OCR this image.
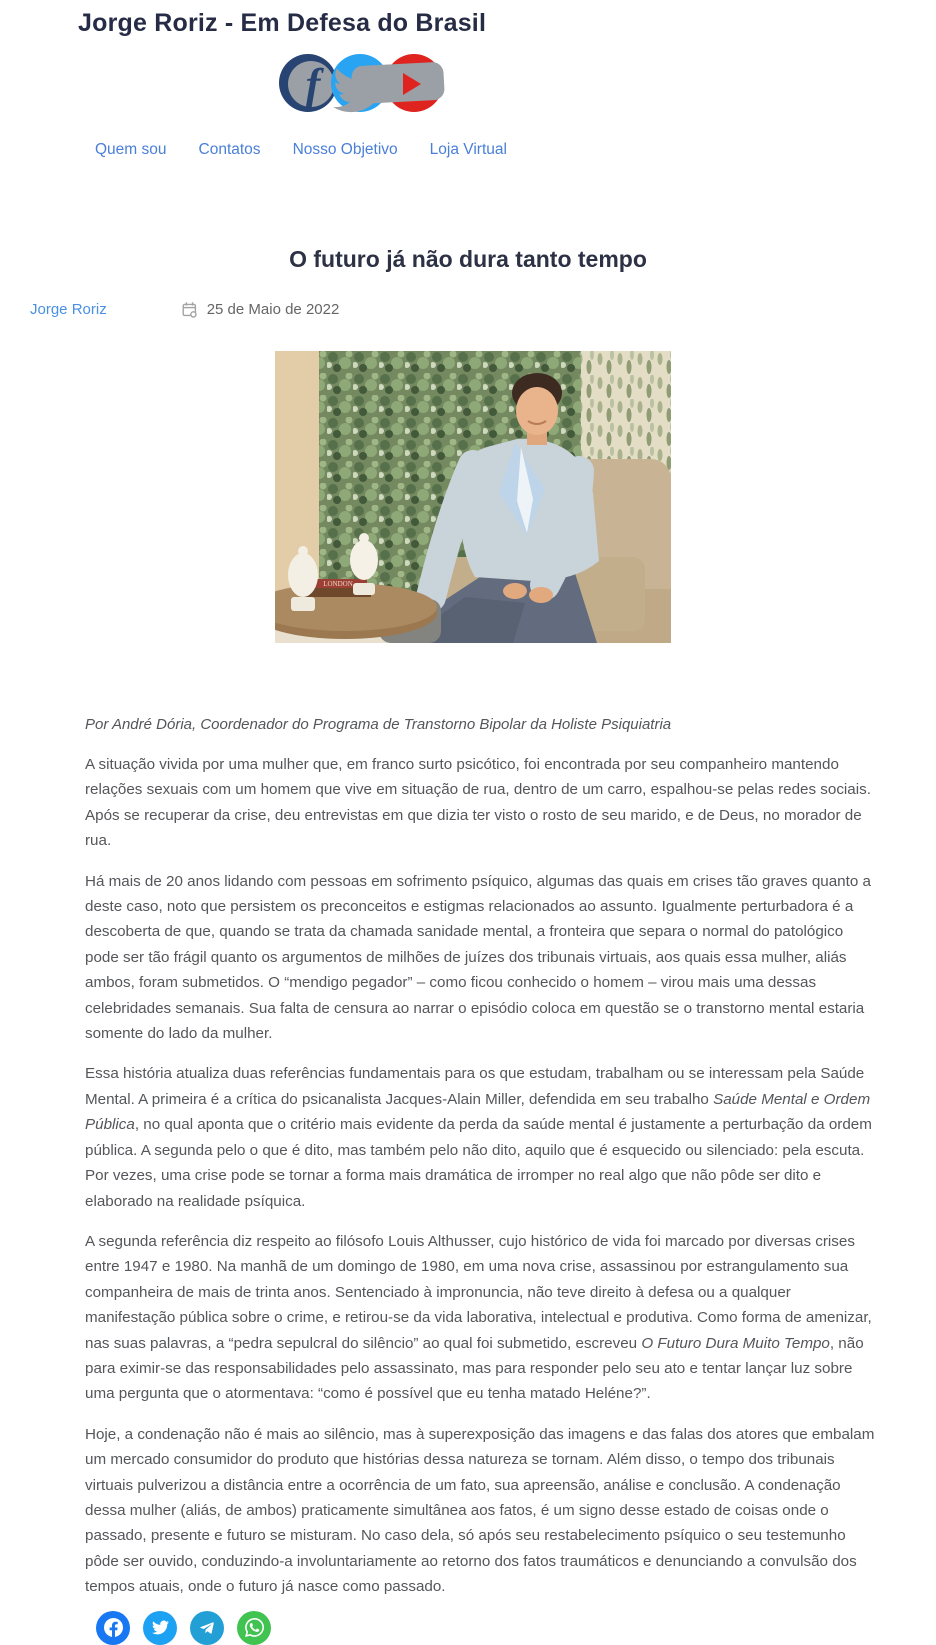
Jorge Roriz - Em Defesa do Brasil
f
Quem sou Contatos Nosso Objetivo Loja Virtual
O futuro já não dura tanto tempo
Jorge Roriz	25 de Maio de 2022
LONDON

Por André Dória, Coordenador do Programa de Transtorno Bipolar da Holiste Psiquiatria

A situação vivida por uma mulher que, em franco surto psicótico, foi encontrada por seu companheiro mantendo relações sexuais com um homem que vive em situação de rua, dentro de um carro, espalhou-se pelas redes sociais. Após se recuperar da crise, deu entrevistas em que dizia ter visto o rosto de seu marido, e de Deus, no morador de rua.

Há mais de 20 anos lidando com pessoas em sofrimento psíquico, algumas das quais em crises tão graves quanto a deste caso, noto que persistem os preconceitos e estigmas relacionados ao assunto. Igualmente perturbadora é a descoberta de que, quando se trata da chamada sanidade mental, a fronteira que separa o normal do patológico pode ser tão frágil quanto os argumentos de milhões de juízes dos tribunais virtuais, aos quais essa mulher, aliás ambos, foram submetidos. O “mendigo pegador” – como ficou conhecido o homem – virou mais uma dessas celebridades semanais. Sua falta de censura ao narrar o episódio coloca em questão se o transtorno mental estaria somente do lado da mulher.

Essa história atualiza duas referências fundamentais para os que estudam, trabalham ou se interessam pela Saúde Mental. A primeira é a crítica do psicanalista Jacques-Alain Miller, defendida em seu trabalho Saúde Mental e Ordem Pública, no qual aponta que o critério mais evidente da perda da saúde mental é justamente a perturbação da ordem pública. A segunda pelo o que é dito, mas também pelo não dito, aquilo que é esquecido ou silenciado: pela escuta. Por vezes, uma crise pode se tornar a forma mais dramática de irromper no real algo que não pôde ser dito e elaborado na realidade psíquica.

A segunda referência diz respeito ao filósofo Louis Althusser, cujo histórico de vida foi marcado por diversas crises entre 1947 e 1980. Na manhã de um domingo de 1980, em uma nova crise, assassinou por estrangulamento sua companheira de mais de trinta anos. Sentenciado à impronuncia, não teve direito à defesa ou a qualquer manifestação pública sobre o crime, e retirou-se da vida laborativa, intelectual e produtiva. Como forma de amenizar, nas suas palavras, a “pedra sepulcral do silêncio” ao qual foi submetido, escreveu O Futuro Dura Muito Tempo, não para eximir-se das responsabilidades pelo assassinato, mas para responder pelo seu ato e tentar lançar luz sobre uma pergunta que o atormentava: “como é possível que eu tenha matado Heléne?”.

Hoje, a condenação não é mais ao silêncio, mas à superexposição das imagens e das falas dos atores que embalam um mercado consumidor do produto que histórias dessa natureza se tornam. Além disso, o tempo dos tribunais virtuais pulverizou a distância entre a ocorrência de um fato, sua apreensão, análise e conclusão. A condenação dessa mulher (aliás, de ambos) praticamente simultânea aos fatos, é um signo desse estado de coisas onde o passado, presente e futuro se misturam. No caso dela, só após seu restabelecimento psíquico o seu testemunho pôde ser ouvido, conduzindo-a involuntariamente ao retorno dos fatos traumáticos e denunciando a convulsão dos tempos atuais, onde o futuro já nasce como passado.
